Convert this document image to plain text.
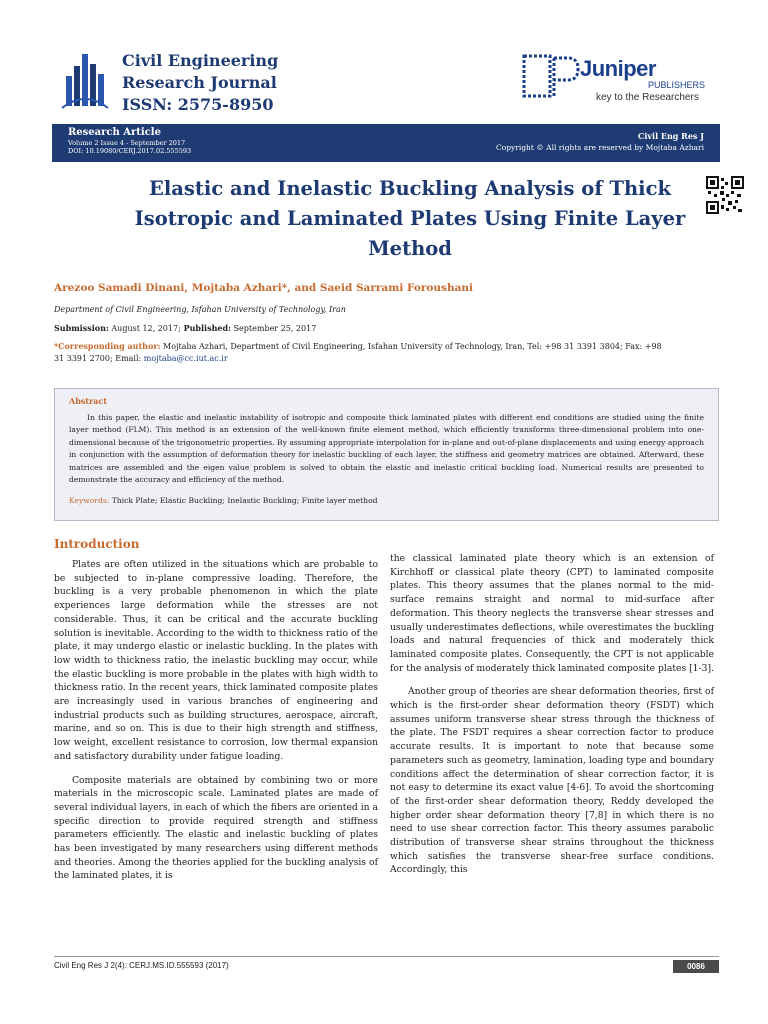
Civil Engineering
Research Journal
ISSN: 2575-8950
Juniper
PUBLISHERS
key to the Researchers
Research Article
Volume 2 Issue 4 - September 2017
DOI: 10.19080/CERJ.2017.02.555593
Civil Eng Res J
Copyright © All rights are reserved by Mojtaba Azhari
Elastic and Inelastic Buckling Analysis of Thick Isotropic and Laminated Plates Using Finite Layer Method
Arezoo Samadi Dinani, Mojtaba Azhari*, and Saeid Sarrami Foroushani
Department of Civil Engineering, Isfahan University of Technology, Iran
Submission: August 12, 2017; Published: September 25, 2017
*Corresponding author: Mojtaba Azhari, Department of Civil Engineering, Isfahan University of Technology, Iran, Tel: +98 31 3391 3804; Fax: +98 31 3391 2700; Email: mojtaba@cc.iut.ac.ir
Abstract

In this paper, the elastic and inelastic instability of isotropic and composite thick laminated plates with different end conditions are studied using the finite layer method (FLM). This method is an extension of the well-known finite element method, which efficiently transforms three-dimensional problem into one-dimensional because of the trigonometric properties. By assuming appropriate interpolation for in-plane and out-of-plane displacements and using energy approach in conjunction with the assumption of deformation theory for inelastic buckling of each layer, the stiffness and geometry matrices are obtained. Afterward, these matrices are assembled and the eigen value problem is solved to obtain the elastic and inelastic critical buckling load. Numerical results are presented to demonstrate the accuracy and efficiency of the method.

Keywords: Thick Plate; Elastic Buckling; Inelastic Buckling; Finite layer method
Introduction

Plates are often utilized in the situations which are probable to be subjected to in-plane compressive loading. Therefore, the buckling is a very probable phenomenon in which the plate experiences large deformation while the stresses are not considerable. Thus, it can be critical and the accurate buckling solution is inevitable. According to the width to thickness ratio of the plate, it may undergo elastic or inelastic buckling. In the plates with low width to thickness ratio, the inelastic buckling may occur, while the elastic buckling is more probable in the plates with high width to thickness ratio. In the recent years, thick laminated composite plates are increasingly used in various branches of engineering and industrial products such as building structures, aerospace, aircraft, marine, and so on. This is due to their high strength and stiffness, low weight, excellent resistance to corrosion, low thermal expansion and satisfactory durability under fatigue loading.

Composite materials are obtained by combining two or more materials in the microscopic scale. Laminated plates are made of several individual layers, in each of which the fibers are oriented in a specific direction to provide required strength and stiffness parameters efficiently. The elastic and inelastic buckling of plates has been investigated by many researchers using different methods and theories. Among the theories applied for the buckling analysis of the laminated plates, it is

the classical laminated plate theory which is an extension of Kirchhoff or classical plate theory (CPT) to laminated composite plates. This theory assumes that the planes normal to the mid-surface remains straight and normal to mid-surface after deformation. This theory neglects the transverse shear stresses and usually underestimates deflections, while overestimates the buckling loads and natural frequencies of thick and moderately thick laminated composite plates. Consequently, the CPT is not applicable for the analysis of moderately thick laminated composite plates [1-3].

Another group of theories are shear deformation theories, first of which is the first-order shear deformation theory (FSDT) which assumes uniform transverse shear stress through the thickness of the plate. The FSDT requires a shear correction factor to produce accurate results. It is important to note that because some parameters such as geometry, lamination, loading type and boundary conditions affect the determination of shear correction factor, it is not easy to determine its exact value [4-6]. To avoid the shortcoming of the first-order shear deformation theory, Reddy developed the higher order shear deformation theory [7,8] in which there is no need to use shear correction factor. This theory assumes parabolic distribution of transverse shear strains throughout the thickness which satisfies the transverse shear-free surface conditions. Accordingly, this

Civil Eng Res J 2(4): CERJ.MS.ID.555593 (2017)	0086
